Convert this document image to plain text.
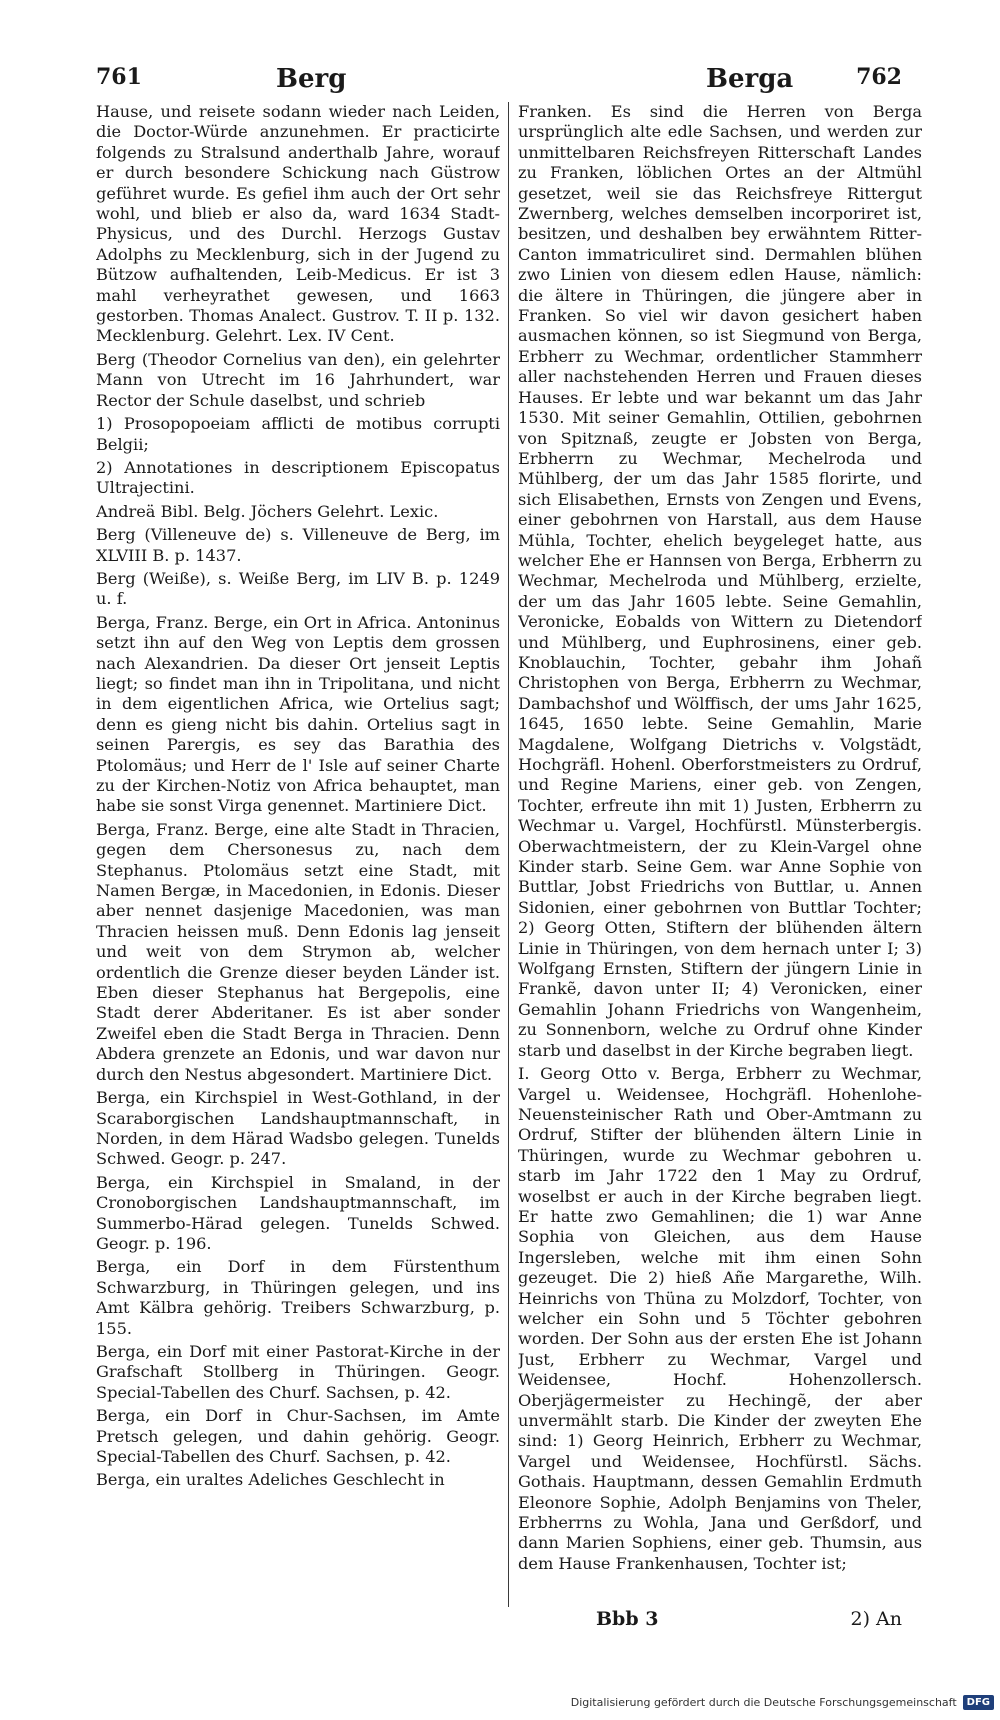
761	Berg	Berga	762

Hause, und reisete sodann wieder nach Leiden, die Doctor-Würde anzunehmen. Er practicirte folgends zu Stralsund anderthalb Jahre, worauf er durch besondere Schickung nach Güstrow geführet wurde. Es gefiel ihm auch der Ort sehr wohl, und blieb er also da, ward 1634 Stadt-Physicus, und des Durchl. Herzogs Gustav Adolphs zu Mecklenburg, sich in der Jugend zu Bützow aufhaltenden, Leib-Medicus. Er ist 3 mahl verheyrathet gewesen, und 1663 gestorben. Thomas Analect. Gustrov. T. II p. 132. Mecklenburg. Gelehrt. Lex. IV Cent.

Berg (Theodor Cornelius van den), ein gelehrter Mann von Utrecht im 16 Jahrhundert, war Rector der Schule daselbst, und schrieb

1) Prosopopoeiam afflicti de motibus corrupti Belgii;

2) Annotationes in descriptionem Episcopatus Ultrajectini.

Andreä Bibl. Belg. Jöchers Gelehrt. Lexic.

Berg (Villeneuve de) s. Villeneuve de Berg, im XLVIII B. p. 1437.

Berg (Weiße), s. Weiße Berg, im LIV B. p. 1249 u. f.

Berga, Franz. Berge, ein Ort in Africa. Antoninus setzt ihn auf den Weg von Leptis dem grossen nach Alexandrien. Da dieser Ort jenseit Leptis liegt; so findet man ihn in Tripolitana, und nicht in dem eigentlichen Africa, wie Ortelius sagt; denn es gieng nicht bis dahin. Ortelius sagt in seinen Parergis, es sey das Barathia des Ptolomäus; und Herr de l' Isle auf seiner Charte zu der Kirchen-Notiz von Africa behauptet, man habe sie sonst Virga genennet. Martiniere Dict.

Berga, Franz. Berge, eine alte Stadt in Thracien, gegen dem Chersonesus zu, nach dem Stephanus. Ptolomäus setzt eine Stadt, mit Namen Bergæ, in Macedonien, in Edonis. Dieser aber nennet dasjenige Macedonien, was man Thracien heissen muß. Denn Edonis lag jenseit und weit von dem Strymon ab, welcher ordentlich die Grenze dieser beyden Länder ist. Eben dieser Stephanus hat Bergepolis, eine Stadt derer Abderitaner. Es ist aber sonder Zweifel eben die Stadt Berga in Thracien. Denn Abdera grenzete an Edonis, und war davon nur durch den Nestus abgesondert. Martiniere Dict.

Berga, ein Kirchspiel in West-Gothland, in der Scaraborgischen Landshauptmannschaft, in Norden, in dem Härad Wadsbo gelegen. Tunelds Schwed. Geogr. p. 247.

Berga, ein Kirchspiel in Smaland, in der Cronoborgischen Landshauptmannschaft, im Summerbo-Härad gelegen. Tunelds Schwed. Geogr. p. 196.

Berga, ein Dorf in dem Fürstenthum Schwarzburg, in Thüringen gelegen, und ins Amt Kälbra gehörig. Treibers Schwarzburg, p. 155.

Berga, ein Dorf mit einer Pastorat-Kirche in der Grafschaft Stollberg in Thüringen. Geogr. Special-Tabellen des Churf. Sachsen, p. 42.

Berga, ein Dorf in Chur-Sachsen, im Amte Pretsch gelegen, und dahin gehörig. Geogr. Special-Tabellen des Churf. Sachsen, p. 42.

Berga, ein uraltes Adeliches Geschlecht in

Franken. Es sind die Herren von Berga ursprünglich alte edle Sachsen, und werden zur unmittelbaren Reichsfreyen Ritterschaft Landes zu Franken, löblichen Ortes an der Altmühl gesetzet, weil sie das Reichsfreye Rittergut Zwernberg, welches demselben incorporiret ist, besitzen, und deshalben bey erwähntem Ritter-Canton immatriculiret sind. Dermahlen blühen zwo Linien von diesem edlen Hause, nämlich: die ältere in Thüringen, die jüngere aber in Franken. So viel wir davon gesichert haben ausmachen können, so ist Siegmund von Berga, Erbherr zu Wechmar, ordentlicher Stammherr aller nachstehenden Herren und Frauen dieses Hauses. Er lebte und war bekannt um das Jahr 1530. Mit seiner Gemahlin, Ottilien, gebohrnen von Spitznaß, zeugte er Jobsten von Berga, Erbherrn zu Wechmar, Mechelroda und Mühlberg, der um das Jahr 1585 florirte, und sich Elisabethen, Ernsts von Zengen und Evens, einer gebohrnen von Harstall, aus dem Hause Mühla, Tochter, ehelich beygeleget hatte, aus welcher Ehe er Hannsen von Berga, Erbherrn zu Wechmar, Mechelroda und Mühlberg, erzielte, der um das Jahr 1605 lebte. Seine Gemahlin, Veronicke, Eobalds von Wittern zu Dietendorf und Mühlberg, und Euphrosinens, einer geb. Knoblauchin, Tochter, gebahr ihm Johañ Christophen von Berga, Erbherrn zu Wechmar, Dambachshof und Wölffisch, der ums Jahr 1625, 1645, 1650 lebte. Seine Gemahlin, Marie Magdalene, Wolfgang Dietrichs v. Volgstädt, Hochgräfl. Hohenl. Oberforstmeisters zu Ordruf, und Regine Mariens, einer geb. von Zengen, Tochter, erfreute ihn mit 1) Justen, Erbherrn zu Wechmar u. Vargel, Hochfürstl. Münsterbergis. Oberwachtmeistern, der zu Klein-Vargel ohne Kinder starb. Seine Gem. war Anne Sophie von Buttlar, Jobst Friedrichs von Buttlar, u. Annen Sidonien, einer gebohrnen von Buttlar Tochter; 2) Georg Otten, Stiftern der blühenden ältern Linie in Thüringen, von dem hernach unter I; 3) Wolfgang Ernsten, Stiftern der jüngern Linie in Frankẽ, davon unter II; 4) Veronicken, einer Gemahlin Johann Friedrichs von Wangenheim, zu Sonnenborn, welche zu Ordruf ohne Kinder starb und daselbst in der Kirche begraben liegt.

I. Georg Otto v. Berga, Erbherr zu Wechmar, Vargel u. Weidensee, Hochgräfl. Hohenlohe-Neuensteinischer Rath und Ober-Amtmann zu Ordruf, Stifter der blühenden ältern Linie in Thüringen, wurde zu Wechmar gebohren u. starb im Jahr 1722 den 1 May zu Ordruf, woselbst er auch in der Kirche begraben liegt. Er hatte zwo Gemahlinen; die 1) war Anne Sophia von Gleichen, aus dem Hause Ingersleben, welche mit ihm einen Sohn gezeuget. Die 2) hieß Añe Margarethe, Wilh. Heinrichs von Thüna zu Molzdorf, Tochter, von welcher ein Sohn und 5 Töchter gebohren worden. Der Sohn aus der ersten Ehe ist Johann Just, Erbherr zu Wechmar, Vargel und Weidensee, Hochf. Hohenzollersch. Oberjägermeister zu Hechingẽ, der aber unvermählt starb. Die Kinder der zweyten Ehe sind: 1) Georg Heinrich, Erbherr zu Wechmar, Vargel und Weidensee, Hochfürstl. Sächs. Gothais. Hauptmann, dessen Gemahlin Erdmuth Eleonore Sophie, Adolph Benjamins von Theler, Erbherrns zu Wohla, Jana und Gerßdorf, und dann Marien Sophiens, einer geb. Thumsin, aus dem Hause Frankenhausen, Tochter ist;

Bbb 3	2) An
Digitalisierung gefördert durch die Deutsche Forschungsgemeinschaft	DFG
